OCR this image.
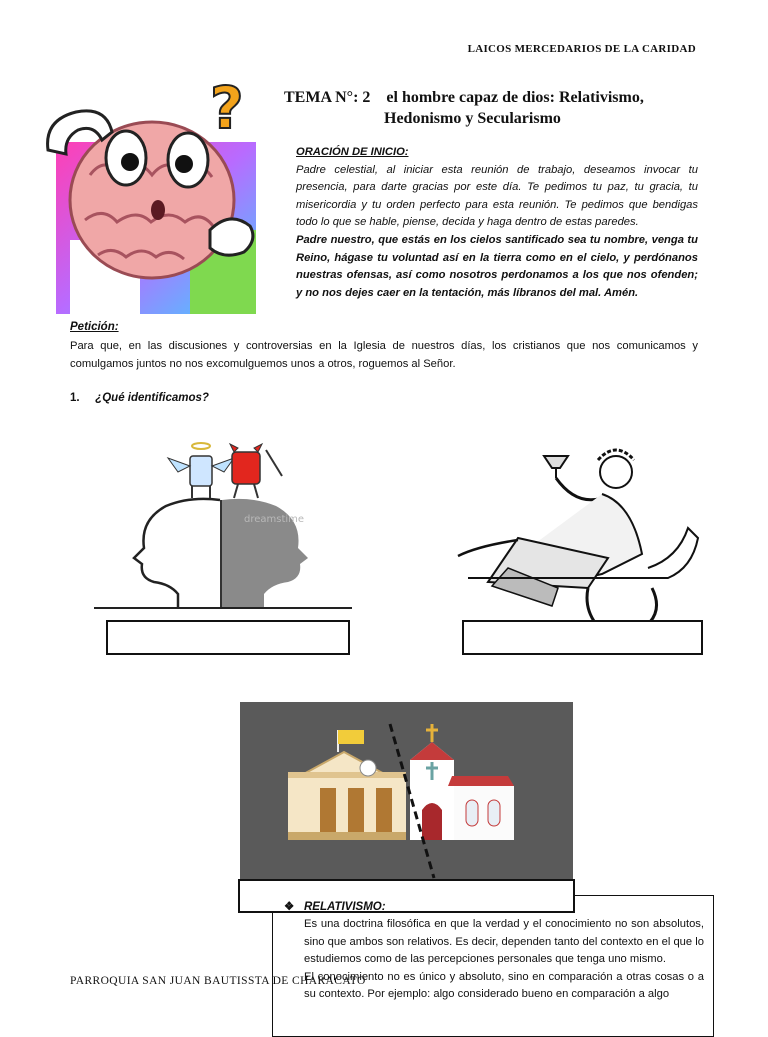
LAICOS MERCEDARIOS DE LA CARIDAD
TEMA N°: 2    el hombre capaz de dios: Relativismo,
Hedonismo y Secularismo
?
ORACIÓN DE INICIO:
Padre celestial, al iniciar esta reunión de trabajo, deseamos invocar tu presencia, para darte gracias por este día. Te pedimos tu paz, tu gracia, tu misericordia y tu orden perfecto para esta reunión. Te pedimos que bendigas todo lo que se hable, piense, decida y haga dentro de estas paredes.
Padre nuestro, que estás en los cielos santificado sea tu nombre, venga tu Reino, hágase tu voluntad así en la tierra como en el cielo, y perdónanos nuestras ofensas, así como nosotros perdonamos a los que nos ofenden; y no nos dejes caer en la tentación, más líbranos del mal. Amén.
Petición:
Para que, en las discusiones y controversias en la Iglesia de nuestros días, los cristianos que nos comunicamos y comulgamos juntos no nos excomulguemos unos a otros, roguemos al Señor.
1. ¿Qué identificamos?
dreamstime
❖ RELATIVISMO:

Es una doctrina filosófica en que la verdad y el conocimiento no son absolutos, sino que ambos son relativos. Es decir, dependen tanto del contexto en el que lo estudiemos como de las percepciones personales que tenga uno mismo.

El conocimiento no es único y absoluto, sino en comparación a otras cosas o a su contexto. Por ejemplo: algo considerado bueno en comparación a algo

PARROQUIA SAN JUAN BAUTISSTA DE CHARACATO
